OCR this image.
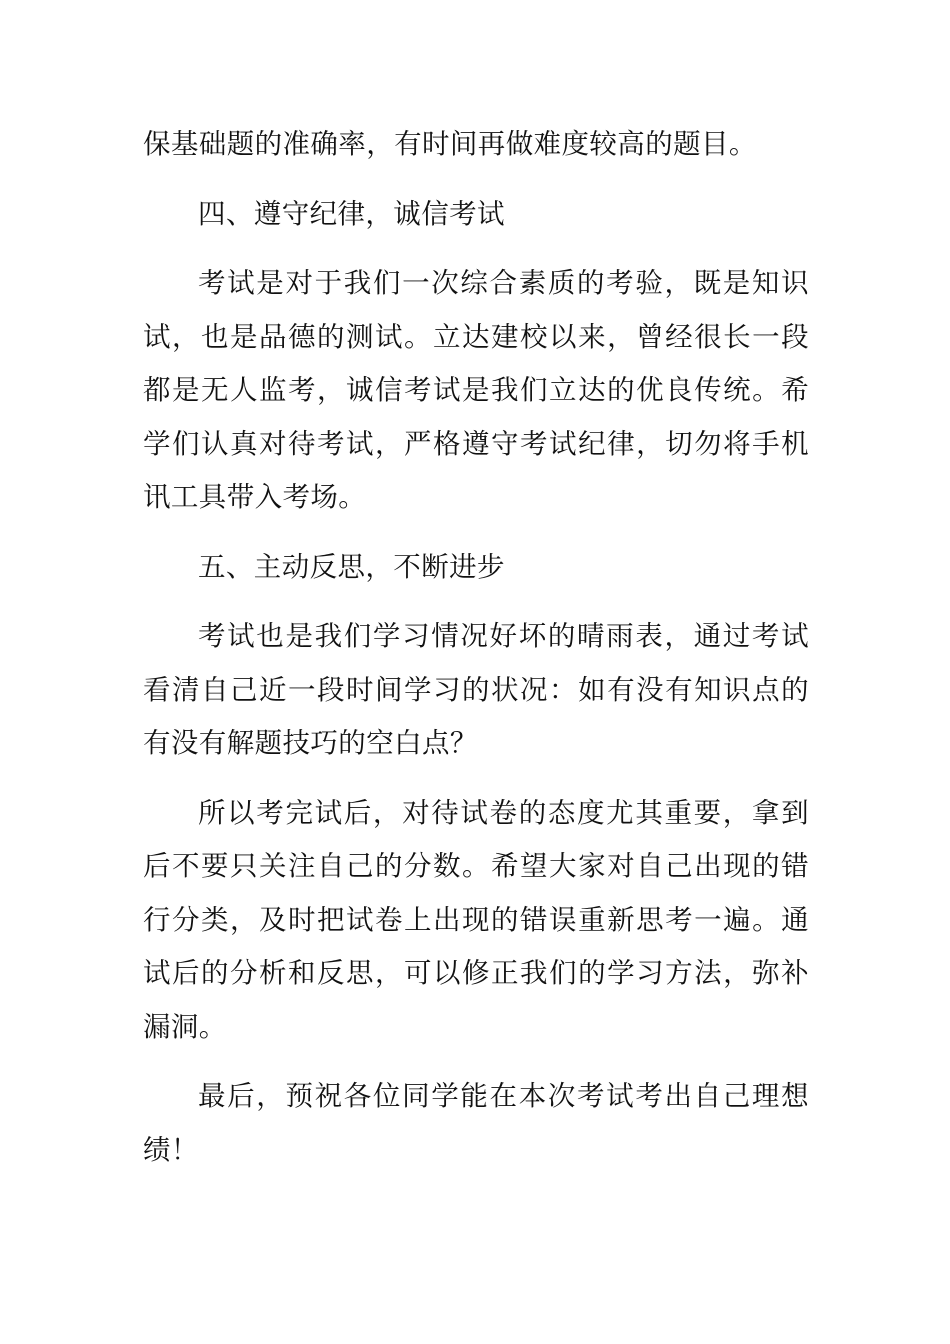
保基础题的准确率，有时间再做难度较高的题目。
四、遵守纪律，诚信考试
考试是对于我们一次综合素质的考验，既是知识
试，也是品德的测试。立达建校以来，曾经很长一段
都是无人监考，诚信考试是我们立达的优良传统。希
学们认真对待考试，严格遵守考试纪律，切勿将手机
讯工具带入考场。
五、主动反思，不断进步
考试也是我们学习情况好坏的晴雨表，通过考试
看清自己近一段时间学习的状况：如有没有知识点的
有没有解题技巧的空白点？
所以考完试后，对待试卷的态度尤其重要，拿到
后不要只关注自己的分数。希望大家对自己出现的错
行分类，及时把试卷上出现的错误重新思考一遍。通
试后的分析和反思，可以修正我们的学习方法，弥补
漏洞。
最后，预祝各位同学能在本次考试考出自己理想
绩！
